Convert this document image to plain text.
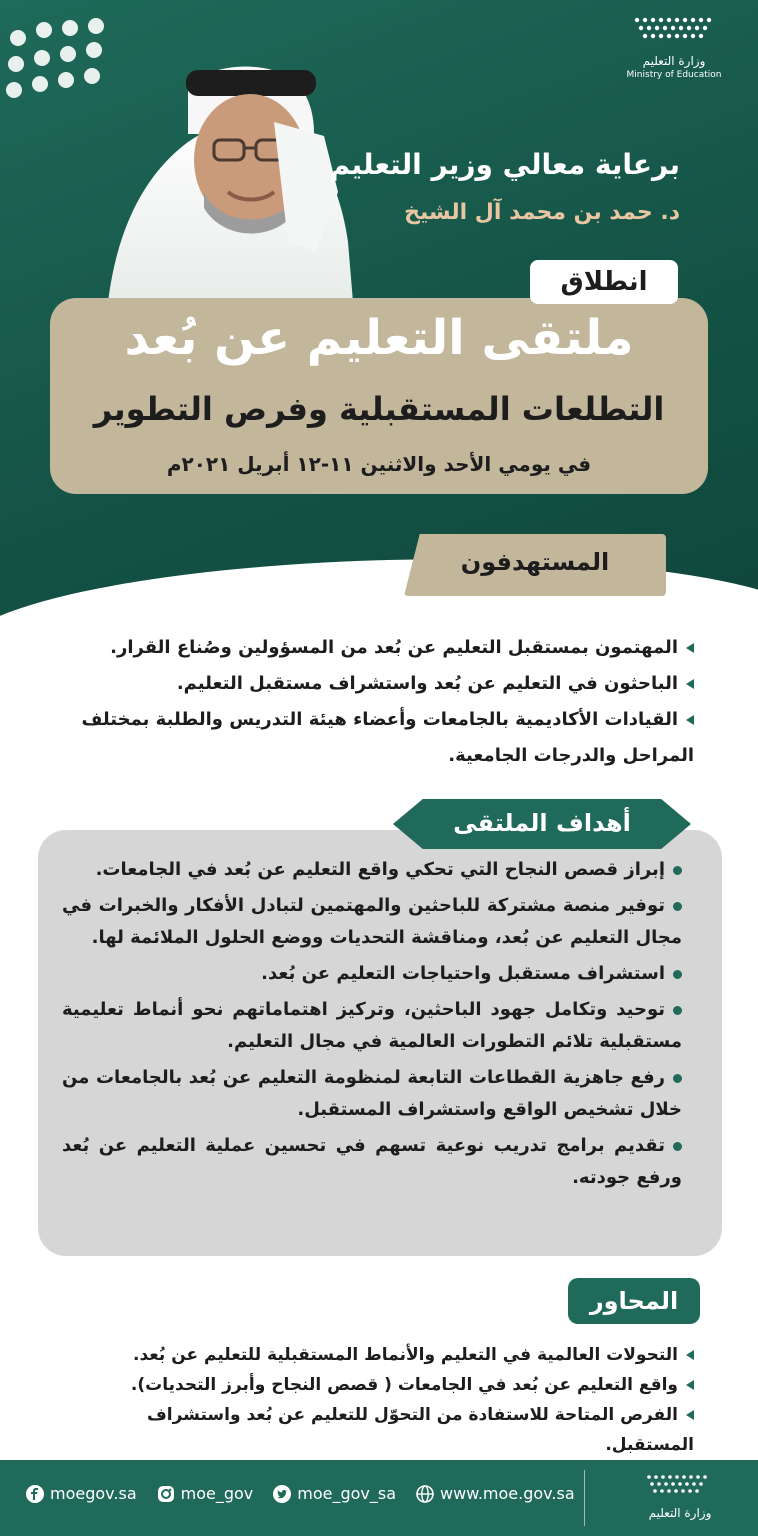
وزارة التعليم
Ministry of Education
برعاية معالي وزير التعليم
د. حمد بن محمد آل الشيخ
انطلاق
ملتقى التعليم عن بُعد
التطلعات المستقبلية وفرص التطوير
في يومي الأحد والاثنين ١١-١٢ أبريل ٢٠٢١م
المستهدفون
المهتمون بمستقبل التعليم عن بُعد من المسؤولين وصُناع القرار.
الباحثون في التعليم عن بُعد واستشراف مستقبل التعليم.
القيادات الأكاديمية بالجامعات وأعضاء هيئة التدريس والطلبة بمختلف المراحل والدرجات الجامعية.
أهداف الملتقى
إبراز قصص النجاح التي تحكي واقع التعليم عن بُعد في الجامعات.
توفير منصة مشتركة للباحثين والمهتمين لتبادل الأفكار والخبرات في مجال التعليم عن بُعد، ومناقشة التحديات ووضع الحلول الملائمة لها.
استشراف مستقبل واحتياجات التعليم عن بُعد.
توحيد وتكامل جهود الباحثين، وتركيز اهتماماتهم نحو أنماط تعليمية مستقبلية تلائم التطورات العالمية في مجال التعليم.
رفع جاهزية القطاعات التابعة لمنظومة التعليم عن بُعد بالجامعات من خلال تشخيص الواقع واستشراف المستقبل.
تقديم برامج تدريب نوعية تسهم في تحسين عملية التعليم عن بُعد ورفع جودته.
المحاور
التحولات العالمية في التعليم والأنماط المستقبلية للتعليم عن بُعد.
واقع التعليم عن بُعد في الجامعات ( قصص النجاح وأبرز التحديات).
الفرص المتاحة للاستفادة من التحوّل للتعليم عن بُعد واستشراف المستقبل.
moegov.sa	moe_gov	moe_gov_sa	www.moe.gov.sa
وزارة التعليم
